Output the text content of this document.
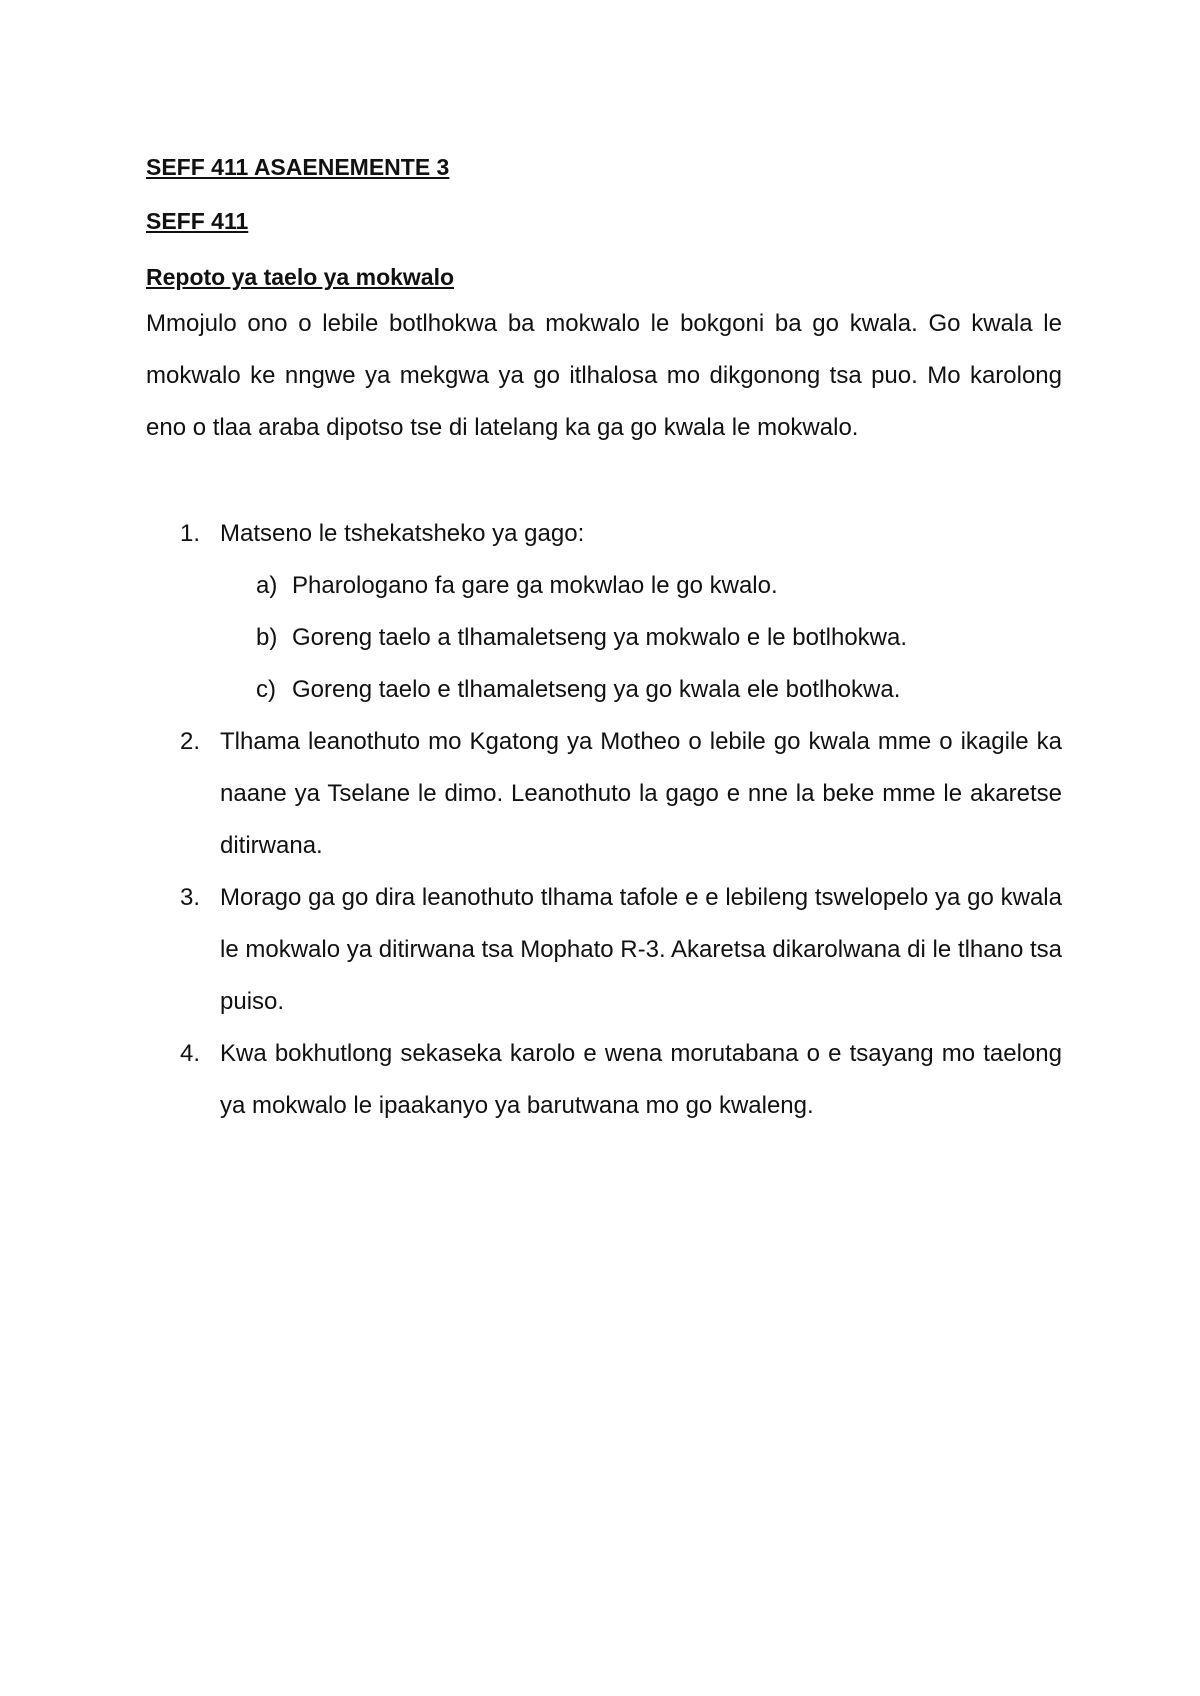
SEFF 411 ASAENEMENTE 3

SEFF 411

Repoto ya taelo ya mokwalo

Mmojulo ono o lebile botlhokwa ba mokwalo le bokgoni ba go kwala. Go kwala le mokwalo ke nngwe ya mekgwa ya go itlhalosa mo dikgonong tsa puo. Mo karolong eno o tlaa araba dipotso tse di latelang ka ga go kwala le mokwalo.

1. Matseno le tshekatsheko ya gago:

a) Pharologano fa gare ga mokwlao le go kwalo.
b) Goreng taelo a tlhamaletseng ya mokwalo e le botlhokwa.
c) Goreng taelo e tlhamaletseng ya go kwala ele botlhokwa.
2. Tlhama leanothuto mo Kgatong ya Motheo o lebile go kwala mme o ikagile ka naane ya Tselane le dimo. Leanothuto la gago e nne la beke mme le akaretse ditirwana.

3. Morago ga go dira leanothuto tlhama tafole e e lebileng tswelopelo ya go kwala le mokwalo ya ditirwana tsa Mophato R-3. Akaretsa dikarolwana di le tlhano tsa puiso.

4. Kwa bokhutlong sekaseka karolo e wena morutabana o e tsayang mo taelong ya mokwalo le ipaakanyo ya barutwana mo go kwaleng.
